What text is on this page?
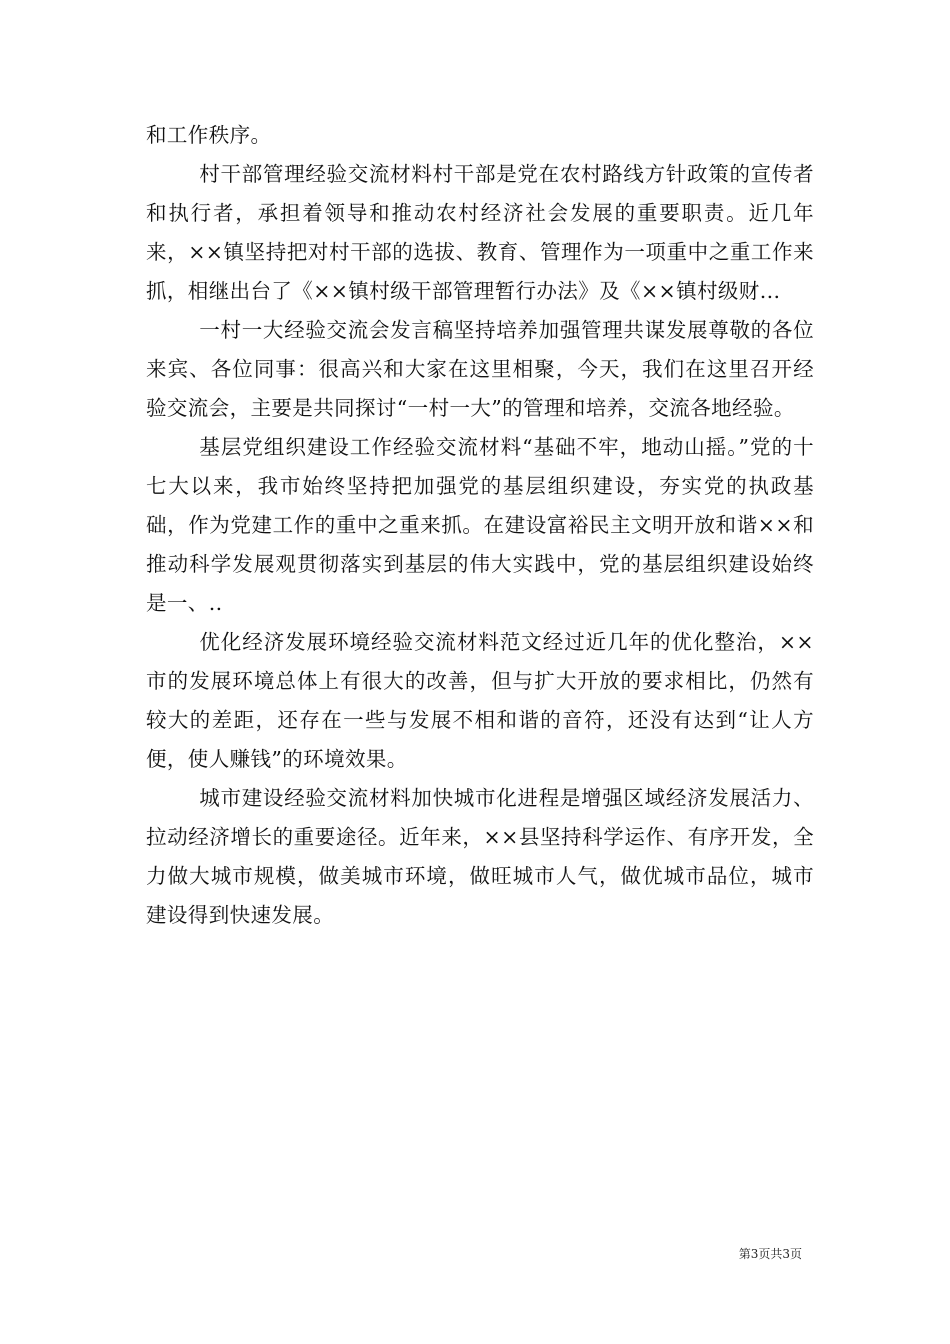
和工作秩序。

村干部管理经验交流材料村干部是党在农村路线方针政策的宣传者和执行者，承担着领导和推动农村经济社会发展的重要职责。近几年来，××镇坚持把对村干部的选拔、教育、管理作为一项重中之重工作来抓，相继出台了《××镇村级干部管理暂行办法》及《××镇村级财...

一村一大经验交流会发言稿坚持培养加强管理共谋发展尊敬的各位来宾、各位同事：很高兴和大家在这里相聚，今天，我们在这里召开经验交流会，主要是共同探讨“一村一大”的管理和培养，交流各地经验。

基层党组织建设工作经验交流材料“基础不牢，地动山摇。”党的十七大以来，我市始终坚持把加强党的基层组织建设，夯实党的执政基础，作为党建工作的重中之重来抓。在建设富裕民主文明开放和谐××和推动科学发展观贯彻落实到基层的伟大实践中，党的基层组织建设始终是一、..

优化经济发展环境经验交流材料范文经过近几年的优化整治，××市的发展环境总体上有很大的改善，但与扩大开放的要求相比，仍然有较大的差距，还存在一些与发展不相和谐的音符，还没有达到“让人方便，使人赚钱”的环境效果。

城市建设经验交流材料加快城市化进程是增强区域经济发展活力、拉动经济增长的重要途径。近年来，××县坚持科学运作、有序开发，全力做大城市规模，做美城市环境，做旺城市人气，做优城市品位，城市建设得到快速发展。

第3页共3页
